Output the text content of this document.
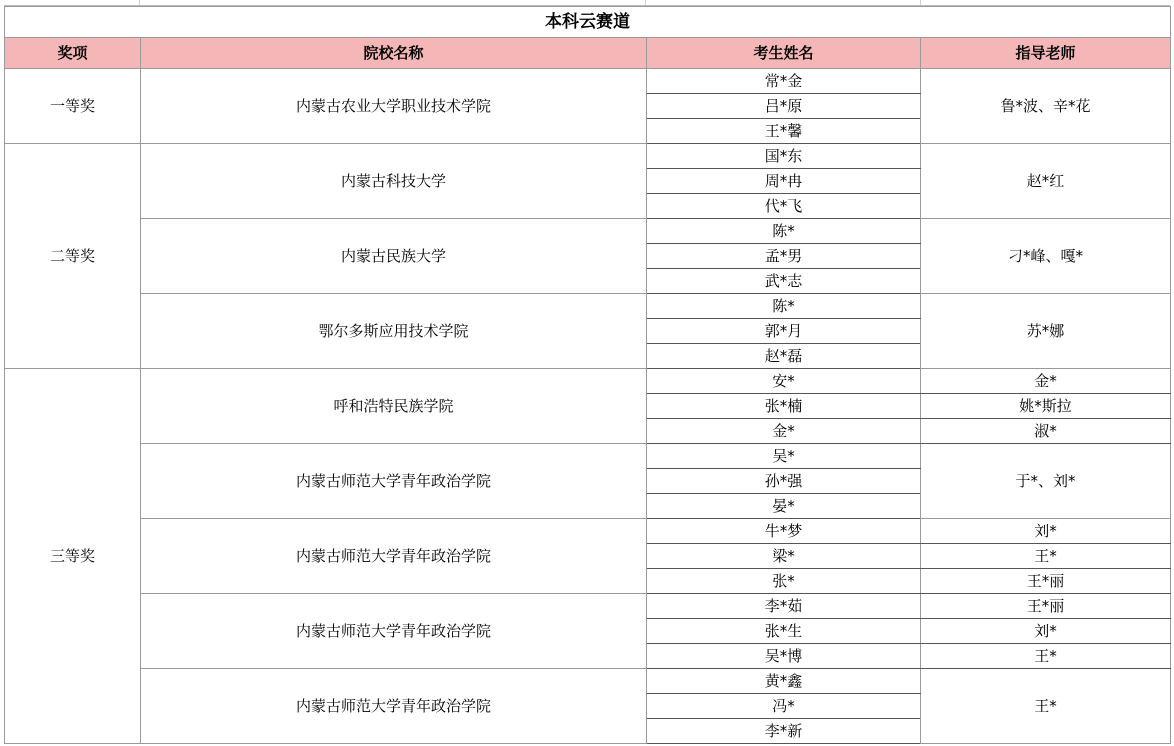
本科云赛道			
奖项	院校名称	考生姓名	指导老师
一等奖	内蒙古农业大学职业技术学院	常*金	鲁*波、辛*花
		吕*原	
		王*馨	
二等奖	内蒙古科技大学	国*东	赵*红
		周*冉	
		代*飞	
	内蒙古民族大学	陈*	刁*峰、嘎*
		孟*男	
		武*志	
	鄂尔多斯应用技术学院	陈*	苏*娜
		郭*月	
		赵*磊	
三等奖	呼和浩特民族学院	安*	金*
		张*楠	姚*斯拉
		金*	淑*
	内蒙古师范大学青年政治学院	吴*	于*、刘*
		孙*强	
		晏*	
	内蒙古师范大学青年政治学院	牛*梦	刘*
		梁*	王*
		张*	王*丽
	内蒙古师范大学青年政治学院	李*茹	王*丽
		张*生	刘*
		吴*博	王*
	内蒙古师范大学青年政治学院	黄*鑫	王*
		冯*	
		李*新	
